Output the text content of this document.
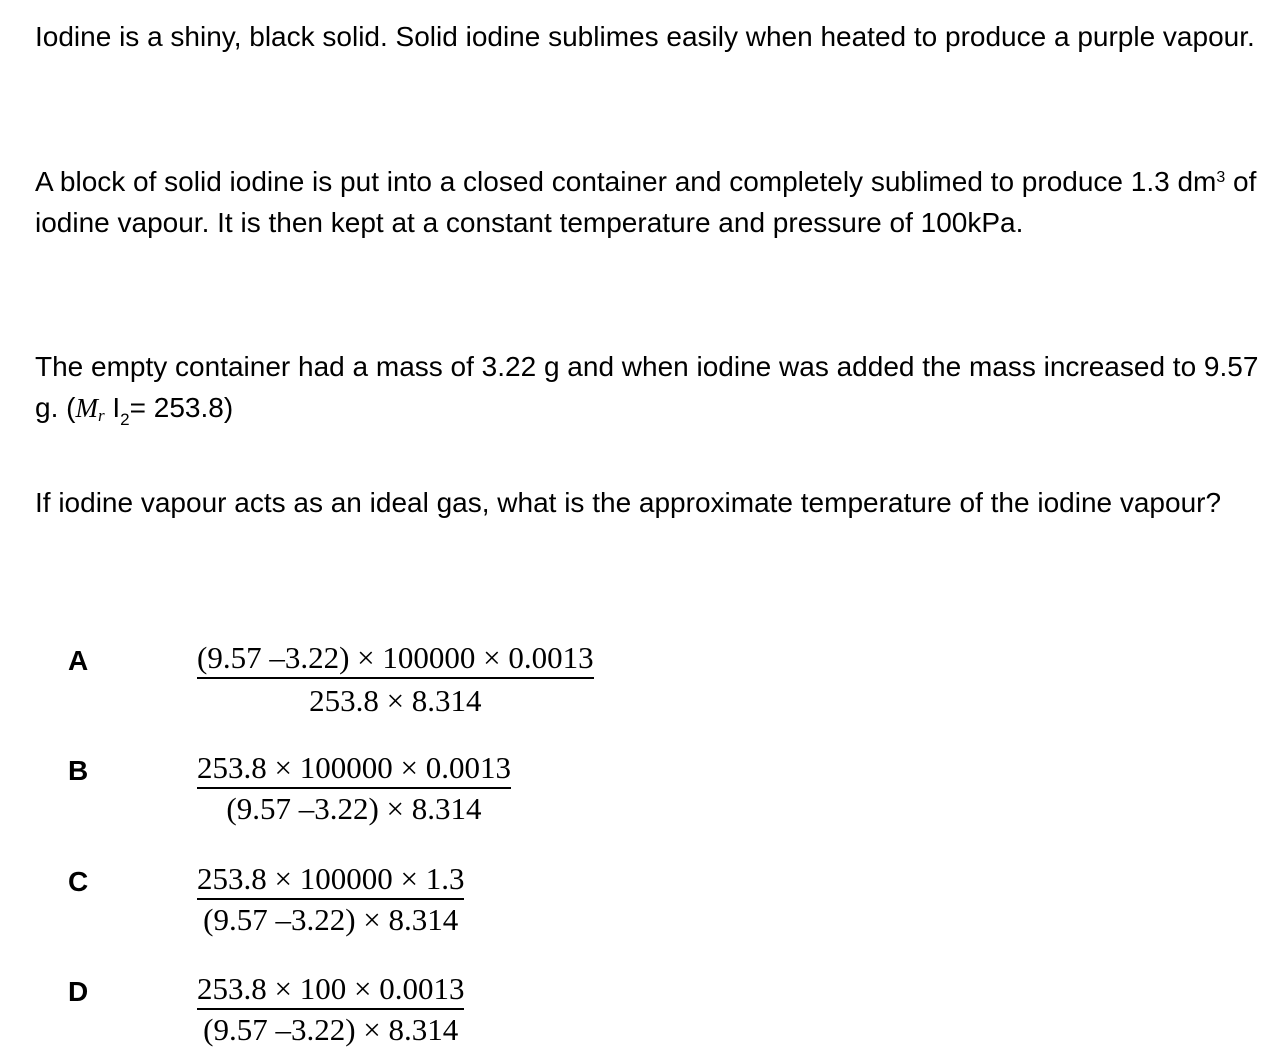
Iodine is a shiny, black solid. Solid iodine sublimes easily when heated to produce a purple vapour.

A block of solid iodine is put into a closed container and completely sublimed to produce 1.3 $dm^3$ of iodine vapour. It is then kept at a constant temperature and pressure of 100kPa.

The empty container had a mass of 3.22 g and when iodine was added the mass increased to 9.57 g. ($M_r$ $I_2= 253.8$)

If iodine vapour acts as an ideal gas, what is the approximate temperature of the iodine vapour?

A	$\frac{(9.57 -3.22) \times 100000 \times 0.0013}{253.8 \times 8.314}$
B	$\frac{253.8 \times 100000 \times 0.0013}{(9.57 -3.22) \times 8.314}$
C	$\frac{253.8 \times 100000 \times 1.3}{(9.57 -3.22) \times 8.314}$
D	$\frac{253.8 \times 100 \times 0.0013}{(9.57 -3.22) \times 8.314}$
